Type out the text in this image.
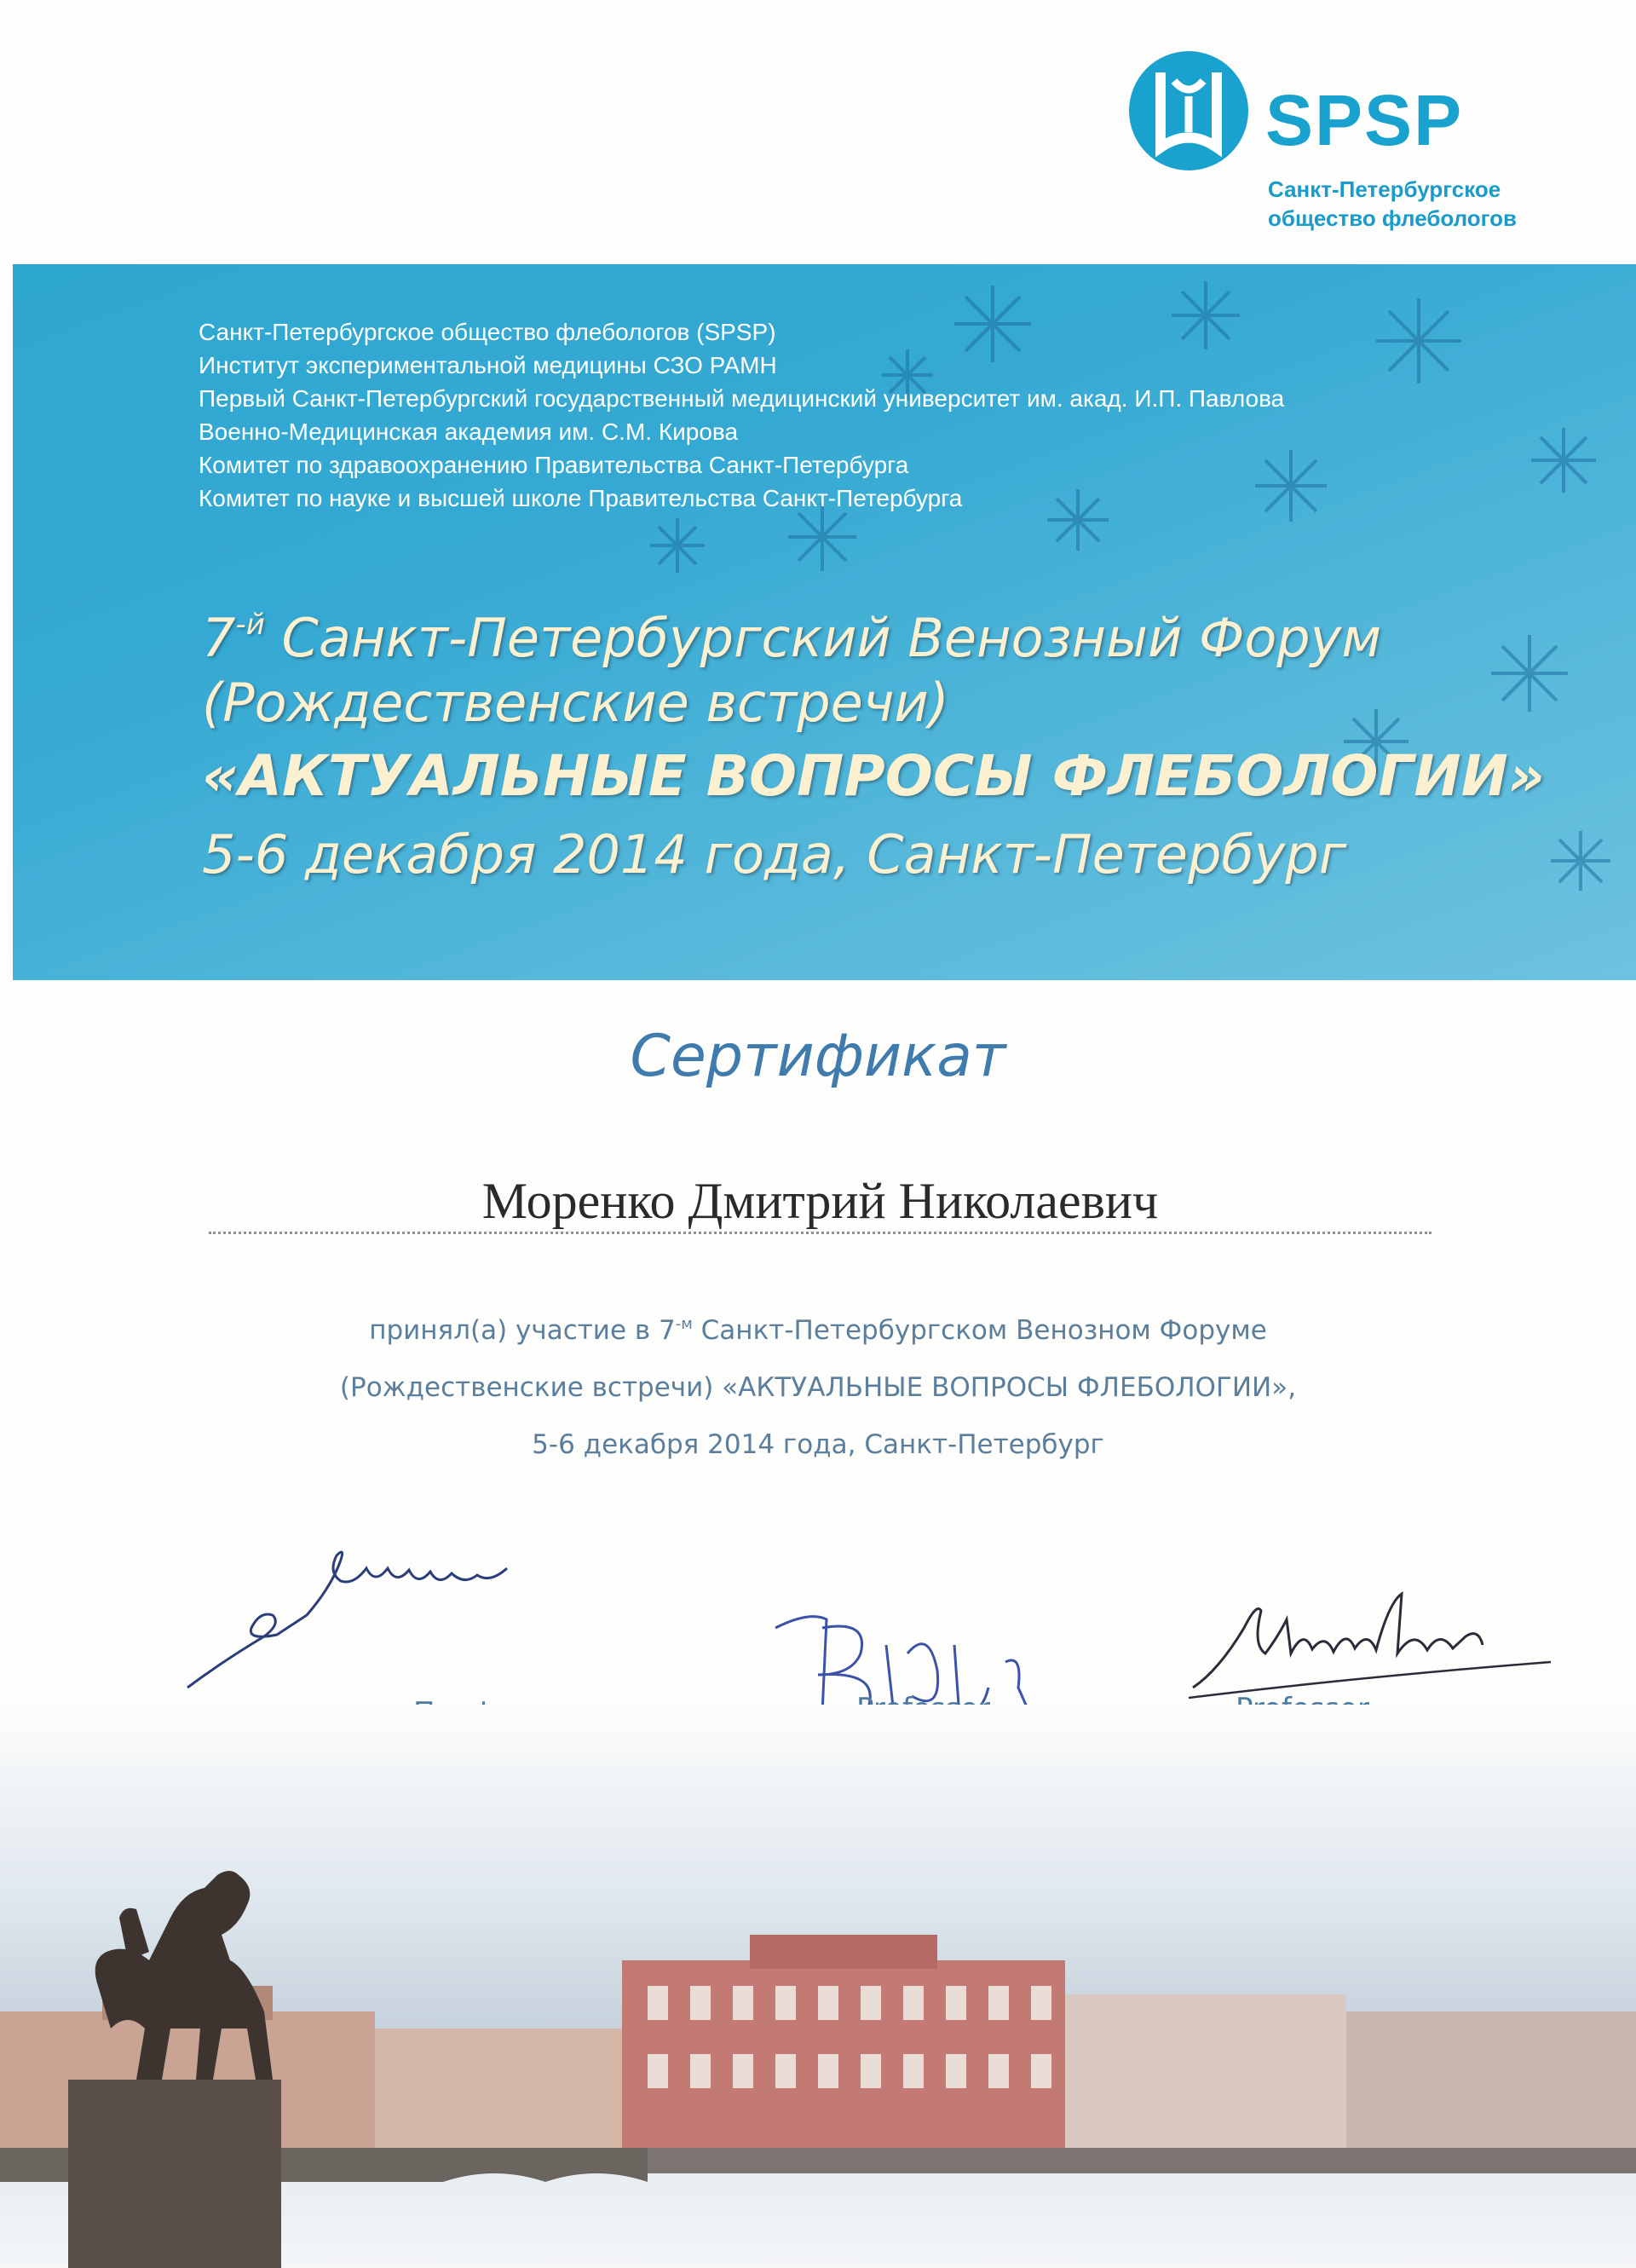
SPSP
Санкт-Петербургское
общество флебологов
Санкт-Петербургское общество флебологов (SPSP)
Институт экспериментальной медицины СЗО РАМН
Первый Санкт-Петербургский государственный медицинский университет им. акад. И.П. Павлова
Военно-Медицинская академия им. С.М. Кирова
Комитет по здравоохранению Правительства Санкт-Петербурга
Комитет по науке и высшей школе Правительства Санкт-Петербурга
$7^{-й}$ Санкт-Петербургский Венозный Форум
(Рождественские встречи)
«АКТУАЛЬНЫЕ ВОПРОСЫ ФЛЕБОЛОГИИ»
5-6 декабря 2014 года, Санкт-Петербург
Сертификат
Моренко Дмитрий Николаевич
принял(а) участие в $7^{-м}$ Санкт-Петербургском Венозном Форуме
(Рождественские встречи) «АКТУАЛЬНЫЕ ВОПРОСЫ ФЛЕБОЛОГИИ»,
5-6 декабря 2014 года, Санкт-Петербург
